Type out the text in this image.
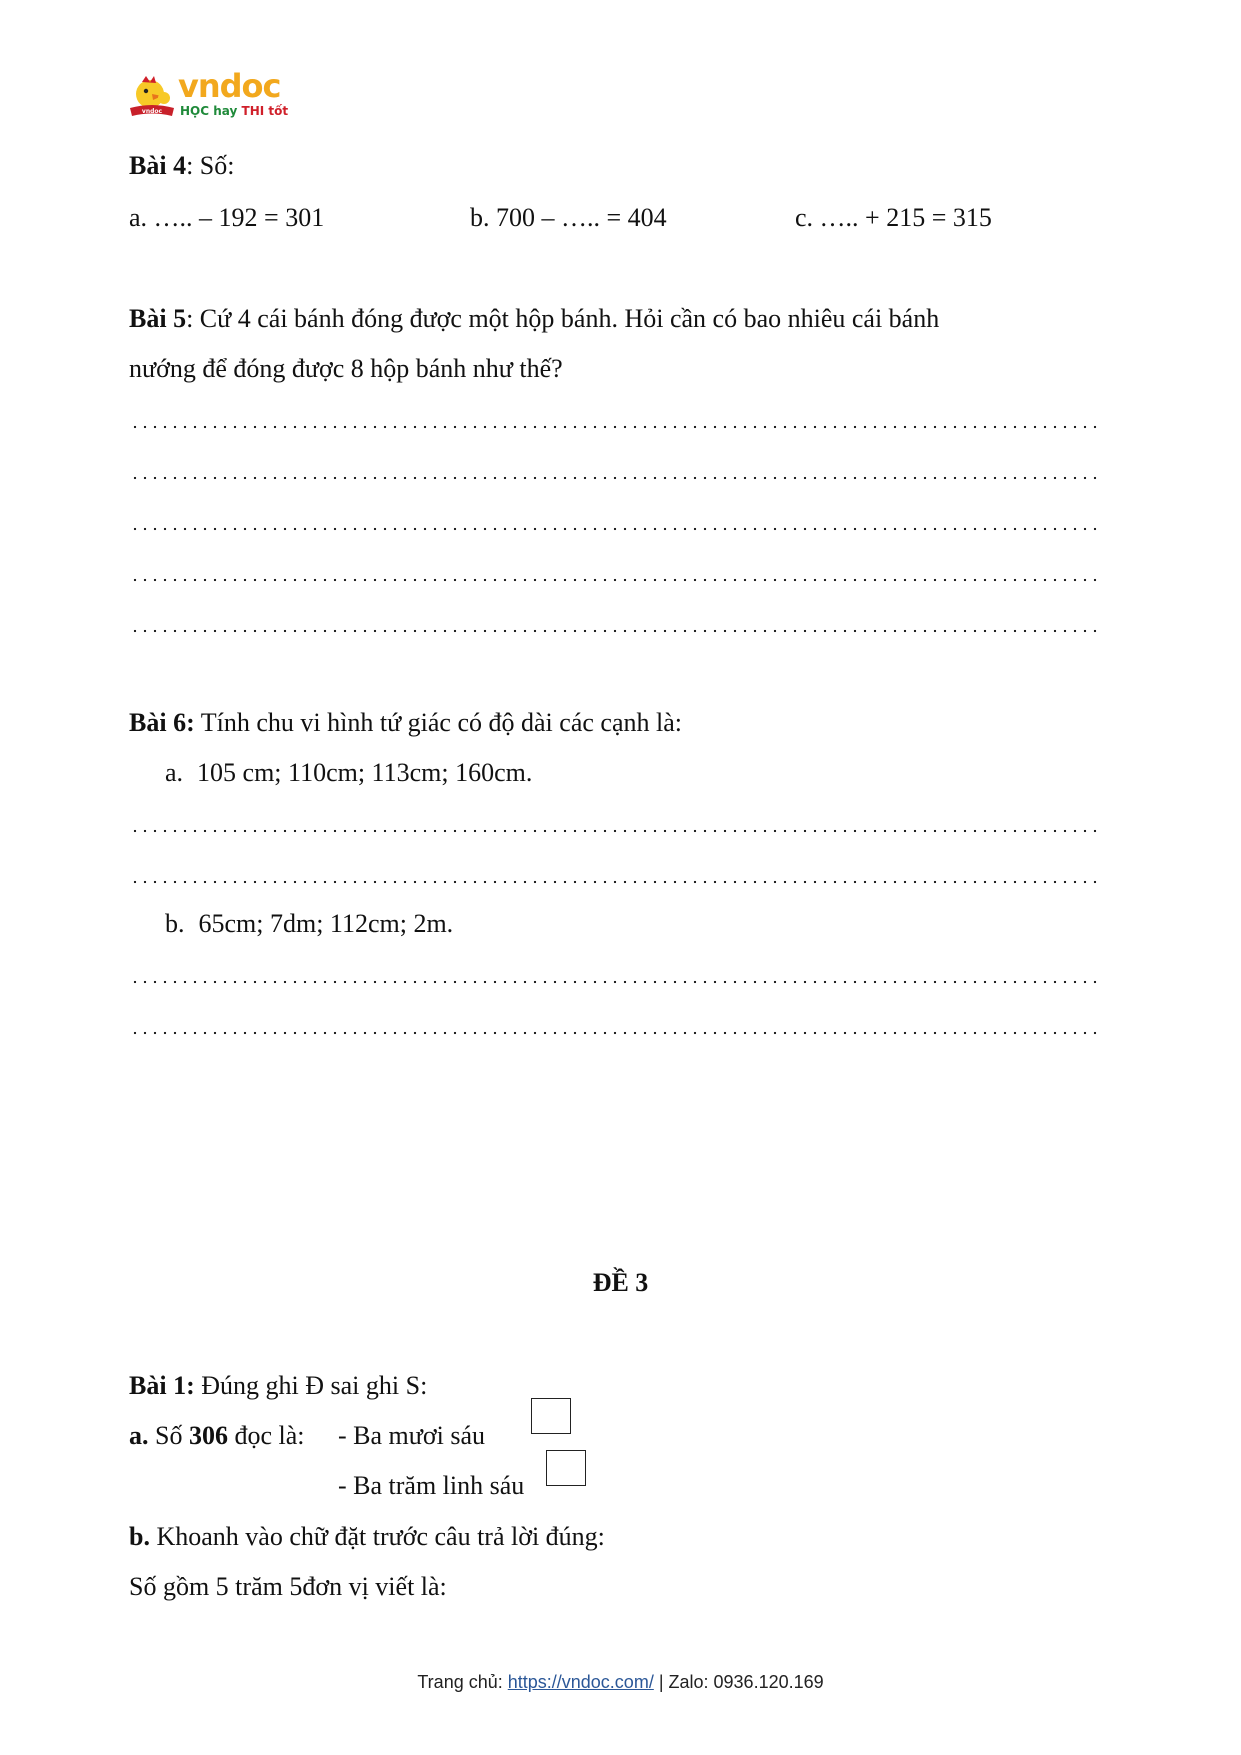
vndoc
vndoc
HỌC hay THI tốt
Bài 4: Số:
a. ….. – 192 = 301	b. 700 – ….. = 404	c. ….. + 215 = 315
Bài 5: Cứ 4 cái bánh đóng được một hộp bánh. Hỏi cần có bao nhiêu cái bánh
nướng để đóng được 8 hộp bánh như thế?
Bài 6: Tính chu vi hình tứ giác có độ dài các cạnh là:
a. 105 cm; 110cm; 113cm; 160cm.
b. 65cm; 7dm; 112cm; 2m.
ĐỀ 3
Bài 1: Đúng ghi Đ sai ghi S:
a. Số 306 đọc là: - Ba mươi sáu
- Ba trăm linh sáu
b. Khoanh vào chữ đặt trước câu trả lời đúng:
Số gồm 5 trăm 5đơn vị viết là:
Trang chủ: https://vndoc.com/ | Zalo: 0936.120.169
